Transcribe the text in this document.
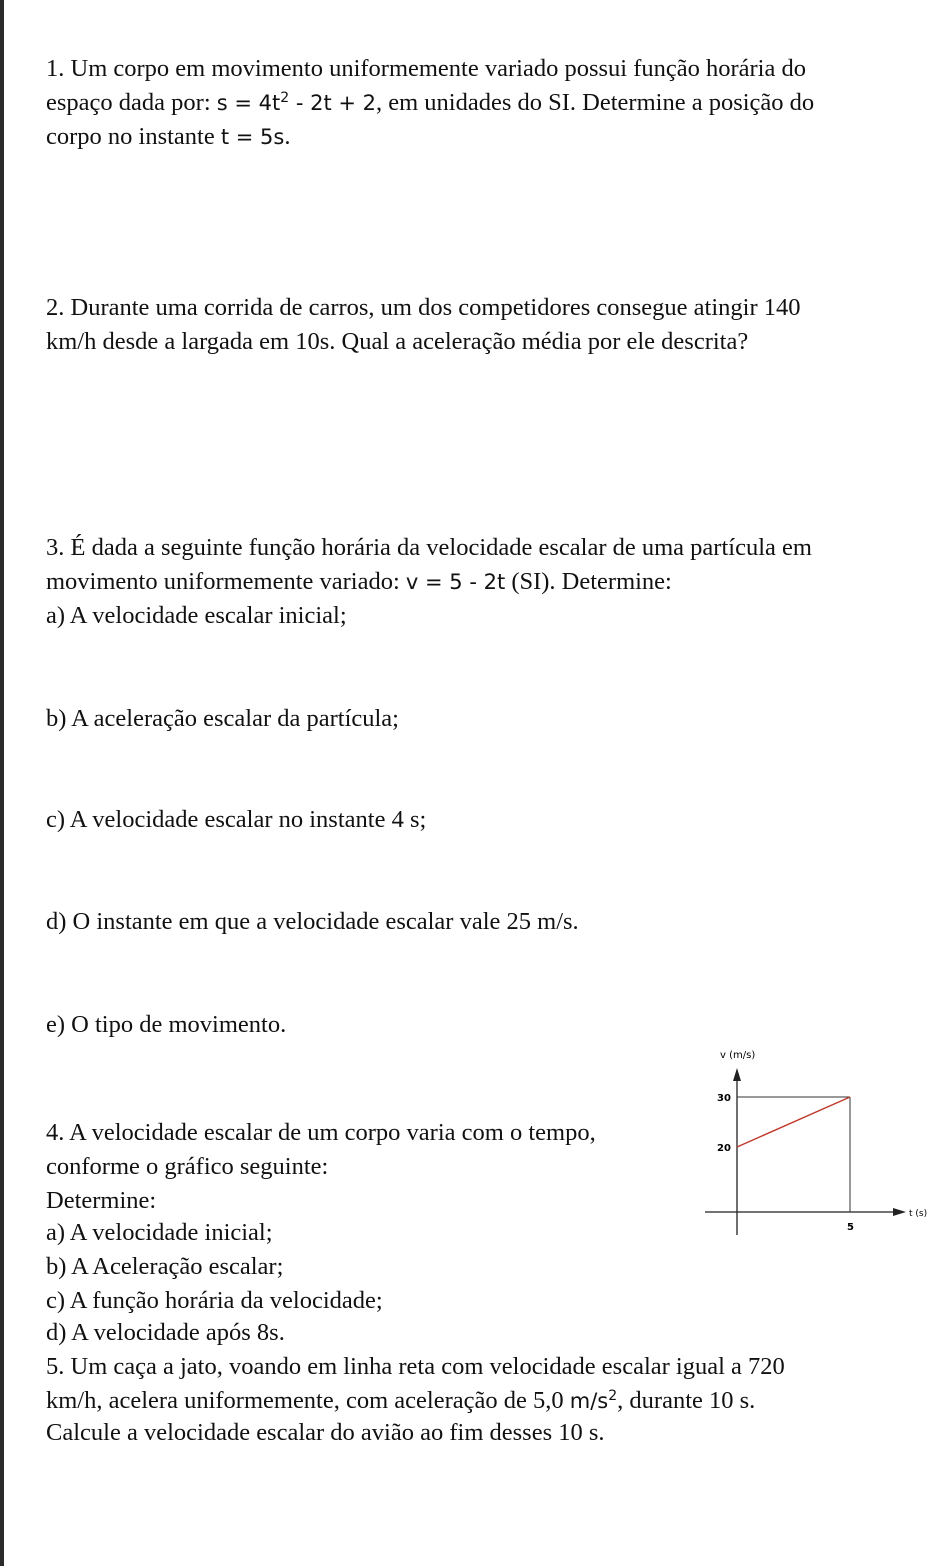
1. Um corpo em movimento uniformemente variado possui função horária do
espaço dada por: $s = 4t^2 - 2t + 2$, em unidades do SI. Determine a posição do
corpo no instante t = 5s.
2. Durante uma corrida de carros, um dos competidores consegue atingir 140
km/h desde a largada em 10s. Qual a aceleração média por ele descrita?
3. É dada a seguinte função horária da velocidade escalar de uma partícula em
movimento uniformemente variado: v = 5 - 2t (SI). Determine:
a) A velocidade escalar inicial;
b) A aceleração escalar da partícula;
c) A velocidade escalar no instante 4 s;
d) O instante em que a velocidade escalar vale 25 m/s.
e) O tipo de movimento.
4. A velocidade escalar de um corpo varia com o tempo,
conforme o gráfico seguinte:
Determine:
a) A velocidade inicial;
b) A Aceleração escalar;
c) A função horária da velocidade;
d) A velocidade após 8s.
5. Um caça a jato, voando em linha reta com velocidade escalar igual a 720
km/h, acelera uniformemente, com aceleração de 5,0 $m/s^2$, durante 10 s.
Calcule a velocidade escalar do avião ao fim desses 10 s.
v (m/s)
t (s)
30
20
5
